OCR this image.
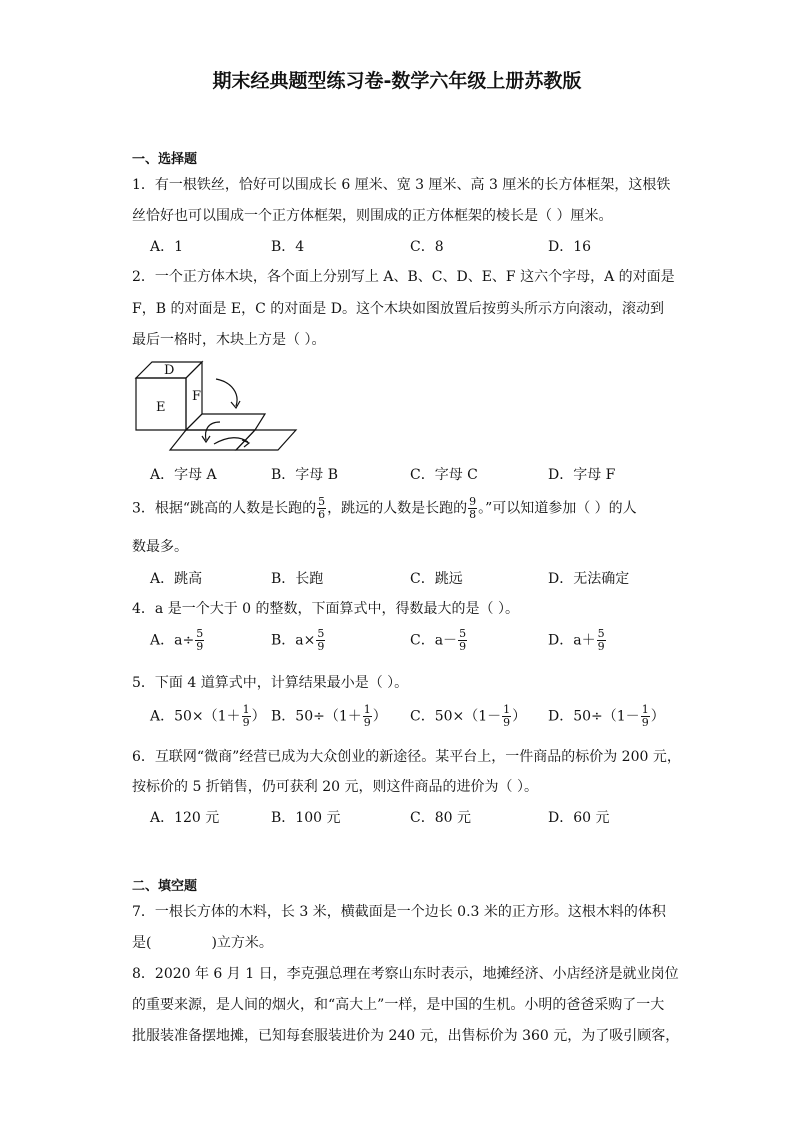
期末经典题型练习卷-数学六年级上册苏教版
一、选择题
1．有一根铁丝，恰好可以围成长 6 厘米、宽 3 厘米、高 3 厘米的长方体框架，这根铁
丝恰好也可以围成一个正方体框架，则围成的正方体框架的棱长是（ ）厘米。
A．1	B．4	C．8	D．16
2．一个正方体木块，各个面上分别写上 A、B、C、D、E、F 这六个字母，A 的对面是
F，B 的对面是 E，C 的对面是 D。这个木块如图放置后按剪头所示方向滚动，滚动到
最后一格时，木块上方是（ ）。
D
E
F
A．字母 A	B．字母 B	C．字母 C	D．字母 F
3．根据“跳高的人数是长跑的 $\frac{5}{6}$ ，跳远的人数是长跑的 $\frac{9}{8}$ 。”可以知道参加（ ）的人
数最多。
A．跳高	B．长跑	C．跳远	D．无法确定
4．a 是一个大于 0 的整数，下面算式中，得数最大的是（ ）。
A．$a\div \frac{5}{9}$	B．$a\times \frac{5}{9}$	C．$a- \frac{5}{9}$	D．$a+ \frac{5}{9}$
5．下面 4 道算式中，计算结果最小是（ ）。
A．$50\times(1+ \frac{1}{9}$ ） B．$50\div(1+ \frac{1}{9}$ ） C．$50\times(1- \frac{1}{9}$ ） D．$50\div(1- \frac{1}{9}$ ）
6．互联网“微商”经营已成为大众创业的新途径。某平台上，一件商品的标价为 200 元，
按标价的 5 折销售，仍可获利 20 元，则这件商品的进价为（ ）。
A．120 元	B．100 元	C．80 元	D．60 元
二、填空题
7．一根长方体的木料，长 3 米，横截面是一个边长 0.3 米的正方形。这根木料的体积
是(	)立方米。
8．2020 年 6 月 1 日，李克强总理在考察山东时表示，地摊经济、小店经济是就业岗位
的重要来源，是人间的烟火，和“高大上”一样，是中国的生机。小明的爸爸采购了一大
批服装准备摆地摊，已知每套服装进价为 240 元，出售标价为 360 元，为了吸引顾客，
